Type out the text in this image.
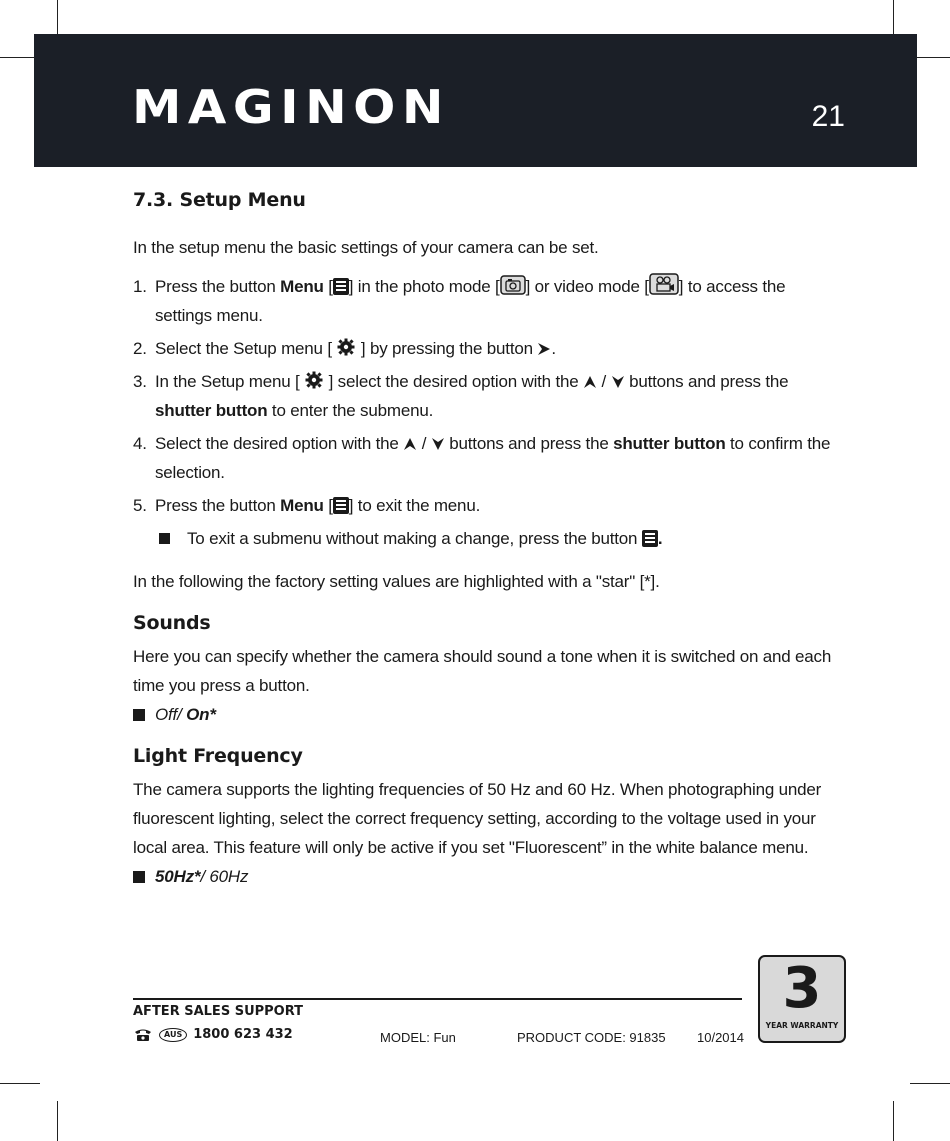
MAGINON	21
7.3. Setup Menu

In the setup menu the basic settings of your camera can be set.

1. Press the button Menu [ ] in the photo mode [ ] or video mode [ ] to access the settings menu.
2. Select the Setup menu [ ] by pressing the button .
3. In the Setup menu [ ] select the desired option with the  /  buttons and press the shutter button to enter the submenu.
4. Select the desired option with the  /  buttons and press the shutter button to confirm the selection.
5. Press the button Menu [ ] to exit the menu.
To exit a submenu without making a change, press the button .

In the following the factory setting values are highlighted with a "star" [*].

Sounds

Here you can specify whether the camera should sound a tone when it is switched on and each time you press a button.

Off/ On*
Light Frequency

The camera supports the lighting frequencies of 50 Hz and 60 Hz. When photographing under fluorescent lighting, select the correct frequency setting, according to the voltage used in your local area. This feature will only be active if you set "Fluorescent” in the white balance menu.

50Hz*/ 60Hz
AFTER SALES SUPPORT
AUS 1800 623 432	MODEL: Fun	PRODUCT CODE: 91835 10/2014
3
YEAR WARRANTY
